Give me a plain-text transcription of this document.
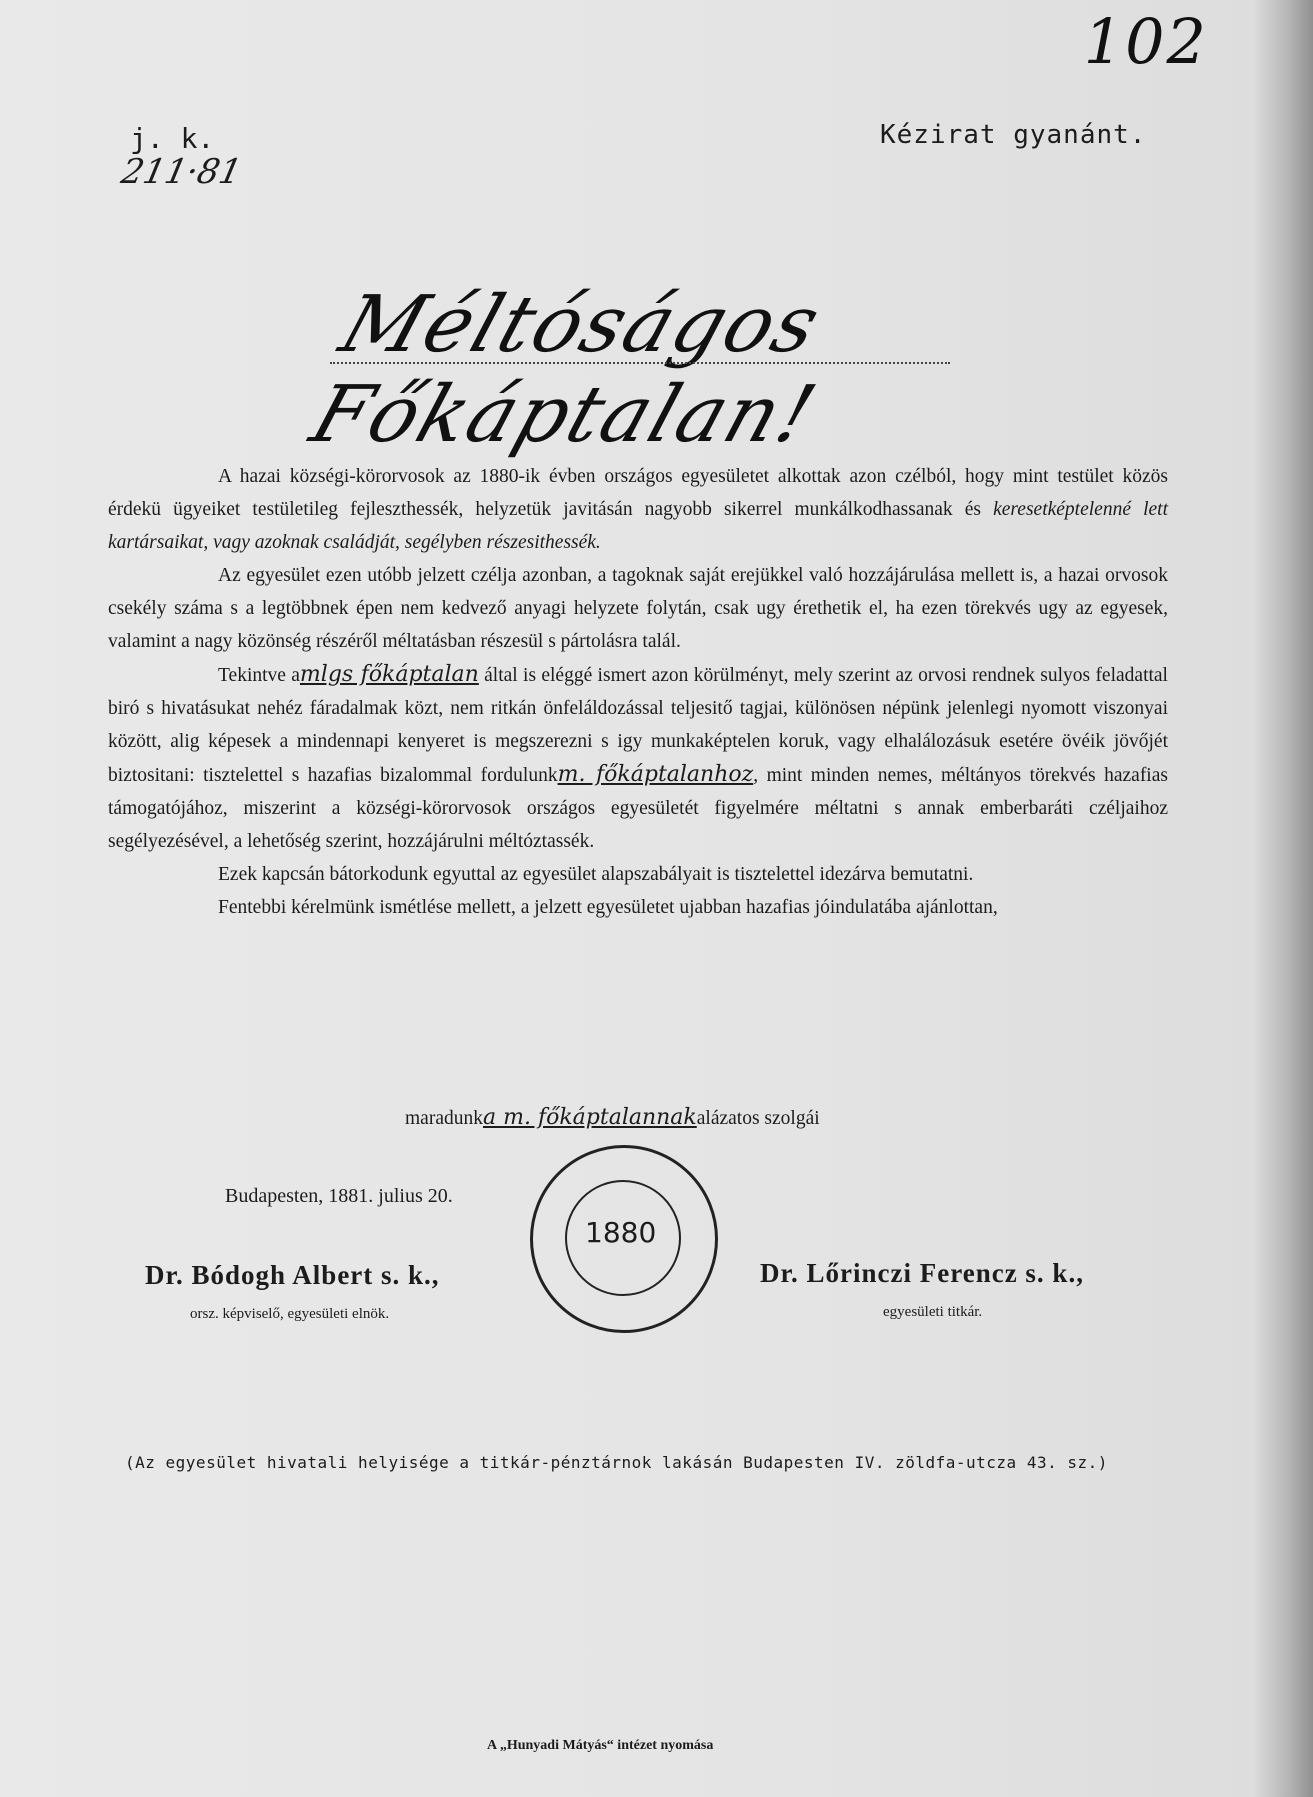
102
j. k.
211·81
Kézirat gyanánt.
Méltóságos Főkáptalan!

A hazai községi-körorvosok az 1880-ik évben országos egyesületet alkottak azon czélból, hogy mint testület közös érdekü ügyeiket testületileg fejleszthessék, helyzetük javitásán nagyobb sikerrel munkálkodhassanak és keresetképtelenné lett kartársaikat, vagy azoknak családját, segélyben részesithessék.

Az egyesület ezen utóbb jelzett czélja azonban, a tagoknak saját erejükkel való hozzájárulása mellett is, a hazai orvosok csekély száma s a legtöbbnek épen nem kedvező anyagi helyzete folytán, csak ugy érethetik el, ha ezen törekvés ugy az egyesek, valamint a nagy közönség részéről méltatásban részesül s pártolásra talál.

Tekintve amlgs főkáptalan által is eléggé ismert azon körülményt, mely szerint az orvosi rendnek sulyos feladattal biró s hivatásukat nehéz fáradalmak közt, nem ritkán önfeláldozással teljesitő tagjai, különösen népünk jelenlegi nyomott viszonyai között, alig képesek a mindennapi kenyeret is megszerezni s igy munkaképtelen koruk, vagy elhalálozásuk esetére övéik jövőjét biztositani: tisztelettel s hazafias bizalommal fordulunkm. főkáptalanhoz, mint minden nemes, méltányos törekvés hazafias támogatójához, miszerint a községi-körorvosok országos egyesületét figyelmére méltatni s annak emberbaráti czéljaihoz segélyezésével, a lehetőség szerint, hozzájárulni méltóztassék.

Ezek kapcsán bátorkodunk egyuttal az egyesület alapszabályait is tisztelettel idezárva bemutatni.

Fentebbi kérelmünk ismétlése mellett, a jelzett egyesületet ujabban hazafias jóindulatába ajánlottan,

maradunka m. főkáptalannakalázatos szolgái
Budapesten, 1881. julius 20.
1880
Dr. Bódogh Albert s. k.,
orsz. képviselő, egyesületi elnök.
Dr. Lőrinczi Ferencz s. k.,
egyesületi titkár.
(Az egyesület hivatali helyisége a titkár-pénztárnok lakásán Budapesten IV. zöldfa-utcza 43. sz.)
A „Hunyadi Mátyás“ intézet nyomása
